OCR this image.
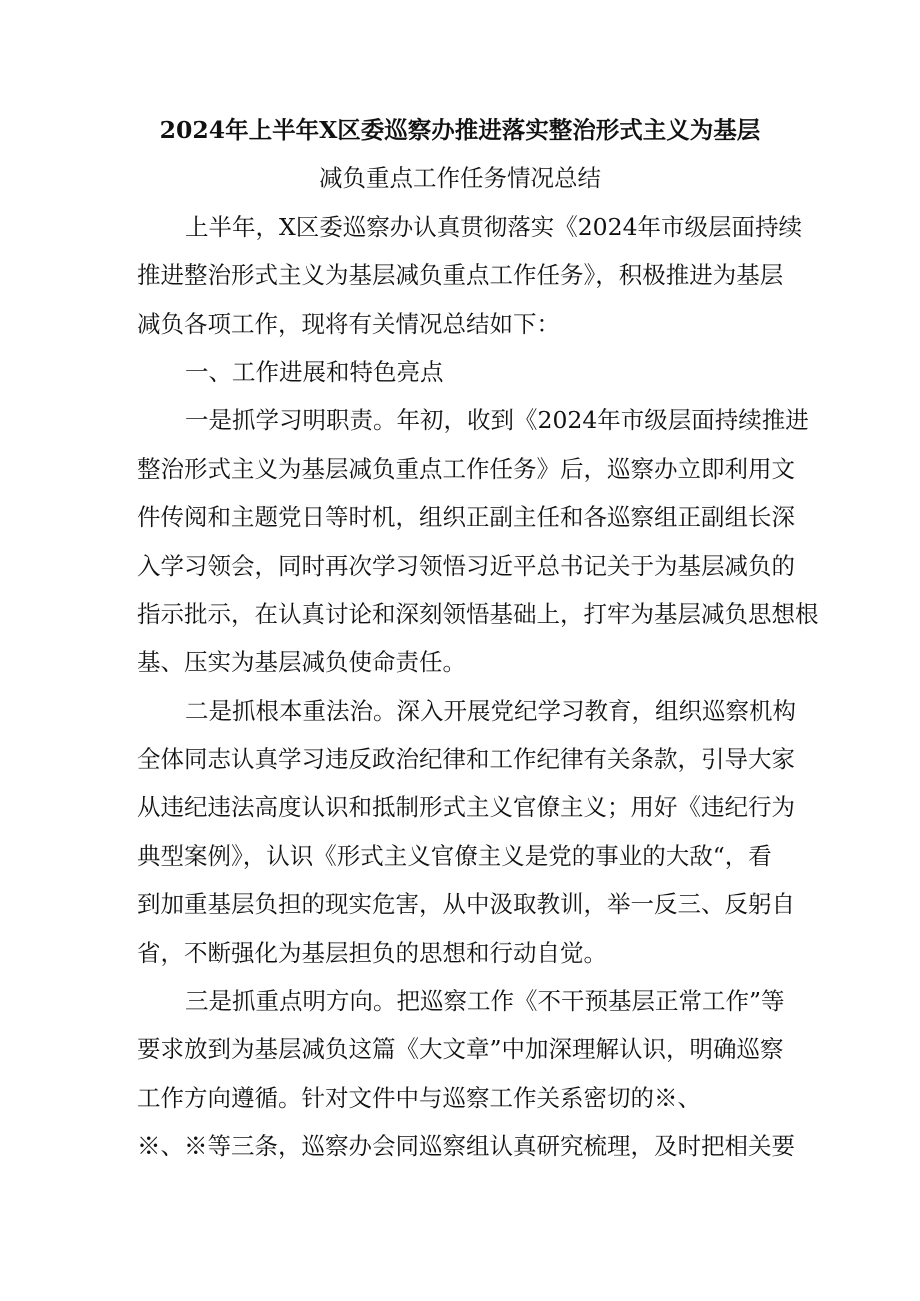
2024年上半年X区委巡察办推进落实整治形式主义为基层
减负重点工作任务情况总结
上半年，X区委巡察办认真贯彻落实《2024年市级层面持续
推进整治形式主义为基层减负重点工作任务》，积极推进为基层
减负各项工作，现将有关情况总结如下：
一、工作进展和特色亮点
一是抓学习明职责。年初，收到《2024年市级层面持续推进
整治形式主义为基层减负重点工作任务》后，巡察办立即利用文
件传阅和主题党日等时机，组织正副主任和各巡察组正副组长深
入学习领会，同时再次学习领悟习近平总书记关于为基层减负的
指示批示，在认真讨论和深刻领悟基础上，打牢为基层减负思想根
基、压实为基层减负使命责任。
二是抓根本重法治。深入开展党纪学习教育，组织巡察机构
全体同志认真学习违反政治纪律和工作纪律有关条款，引导大家
从违纪违法高度认识和抵制形式主义官僚主义；用好《违纪行为
典型案例》，认识《形式主义官僚主义是党的事业的大敌“，看
到加重基层负担的现实危害，从中汲取教训，举一反三、反躬自
省，不断强化为基层担负的思想和行动自觉。
三是抓重点明方向。把巡察工作《不干预基层正常工作”等
要求放到为基层减负这篇《大文章”中加深理解认识，明确巡察
工作方向遵循。针对文件中与巡察工作关系密切的※、
※、※等三条，巡察办会同巡察组认真研究梳理，及时把相关要
